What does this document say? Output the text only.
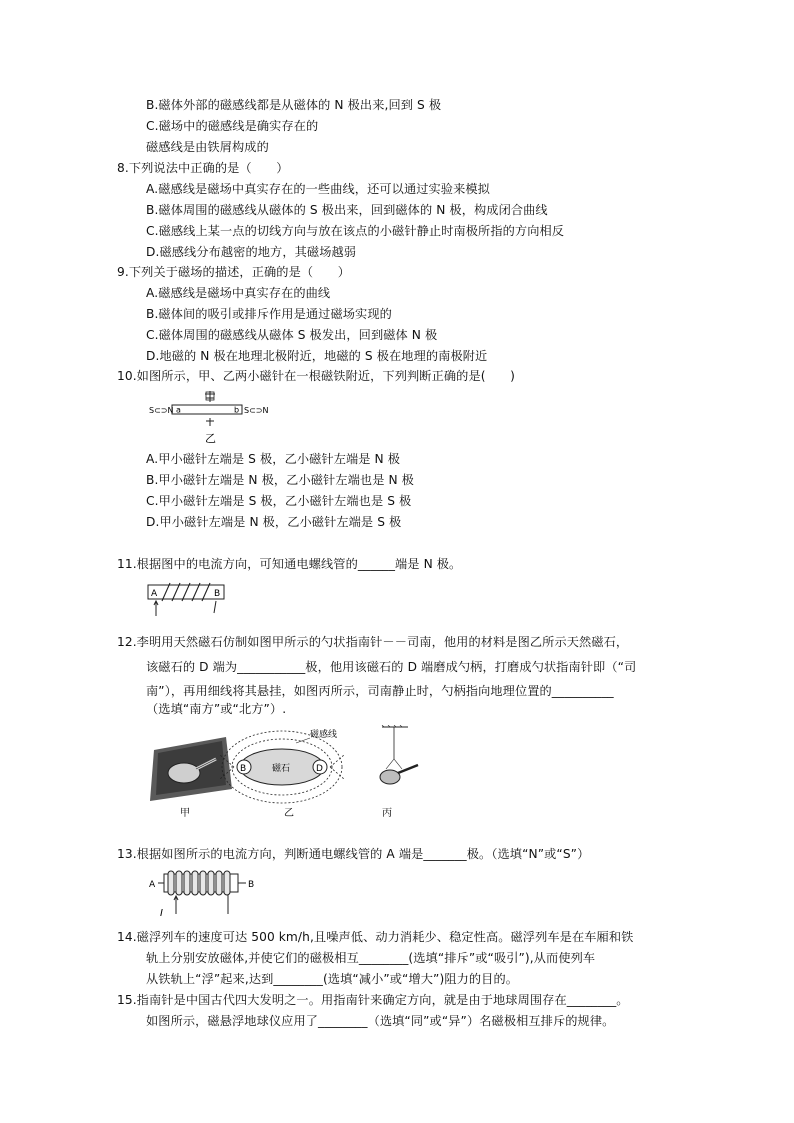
B.磁体外部的磁感线都是从磁体的 N 极出来,回到 S 极
C.磁场中的磁感线是确实存在的
磁感线是由铁屑构成的
8.下列说法中正确的是（　　）
A.磁感线是磁场中真实存在的一些曲线，还可以通过实验来模拟
B.磁体周围的磁感线从磁体的 S 极出来，回到磁体的 N 极，构成闭合曲线
C.磁感线上某一点的切线方向与放在该点的小磁针静止时南极所指的方向相反
D.磁感线分布越密的地方，其磁场越弱
9.下列关于磁场的描述，正确的是（　　）
A.磁感线是磁场中真实存在的曲线
B.磁体间的吸引或排斥作用是通过磁场实现的
C.磁体周围的磁感线从磁体 S 极发出，回到磁体 N 极
D.地磁的 N 极在地理北极附近，地磁的 S 极在地理的南极附近
10.如图所示，甲、乙两小磁针在一根磁铁附近，下列判断正确的是(　　)
S⊂⊃N a	b S⊂⊃N
乙
A.甲小磁针左端是 S 极，乙小磁针左端是 N 极
B.甲小磁针左端是 N 极，乙小磁针左端也是 N 极
C.甲小磁针左端是 S 极，乙小磁针左端也是 S 极
D.甲小磁针左端是 N 极，乙小磁针左端是 S 极
11.根据图中的电流方向，可知通电螺线管的______端是 N 极。
A	B
12.李明用天然磁石仿制如图甲所示的勺状指南针－－司南，他用的材料是图乙所示天然磁石，
该磁石的 D 端为___________极，他用该磁石的 D 端磨成勺柄，打磨成勺状指南针即（“司
南”），再用细线将其悬挂，如图丙所示，司南静止时，勺柄指向地理位置的__________
（选填“南方”或“北方”）.
甲
B	D
磁石
磁感线
乙	丙
13.根据如图所示的电流方向，判断通电螺线管的 A 端是_______极。（选填“N”或“S”）
A	B
I
14.磁浮列车的速度可达 500 km/h,且噪声低、动力消耗少、稳定性高。磁浮列车是在车厢和铁
轨上分别安放磁体,并使它们的磁极相互________(选填“排斥”或“吸引”),从而使列车
从铁轨上“浮”起来,达到________(选填“减小”或“增大”)阻力的目的。
15.指南针是中国古代四大发明之一。用指南针来确定方向，就是由于地球周围存在________。
如图所示，磁悬浮地球仪应用了________（选填“同”或“异”）名磁极相互排斥的规律。
